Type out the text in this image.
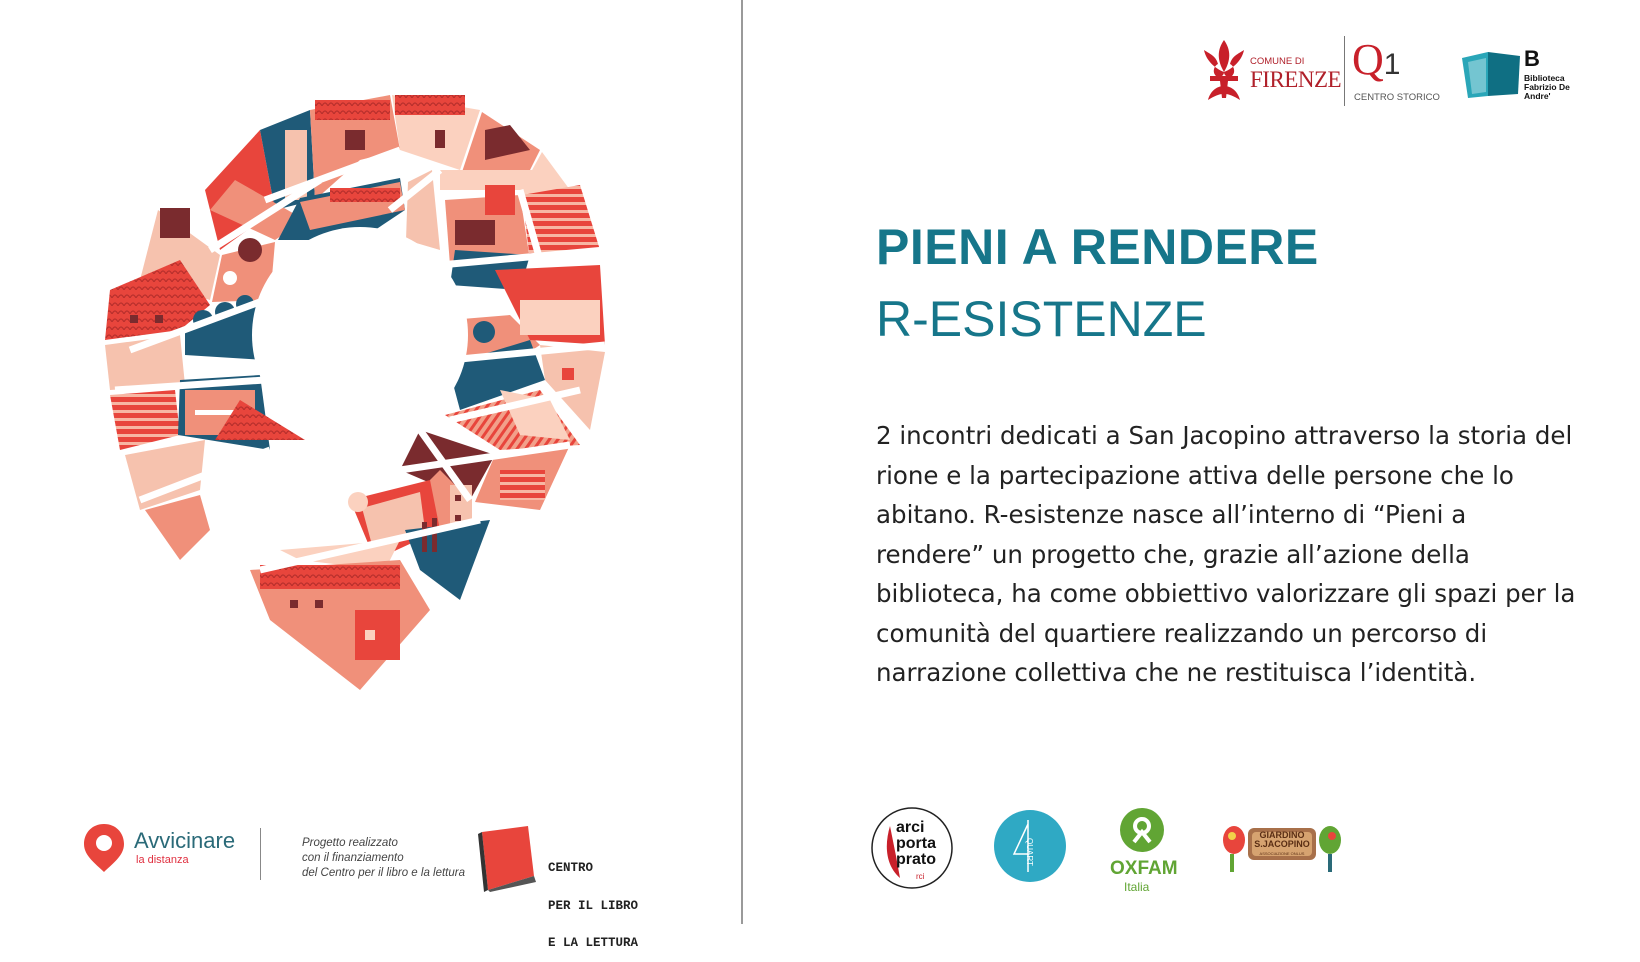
COMUNE DI
FIRENZE Q1
CENTRO STORICO
B
Biblioteca
Fabrizio De Andre'
PIENI A RENDERE
R-ESISTENZE
2 incontri dedicati a San Jacopino attraverso la storia del rione e la partecipazione attiva delle persone che lo abitano. R-esistenze nasce all’interno di “Pieni a rendere” un progetto che, grazie all’azione della biblioteca, ha come obbiettivo valorizzare gli spazi per la comunità del quartiere realizzando un percorso di narrazione collettiva che ne restituisca l’identità.
Avvicinare
la distanza
Progetto realizzato
con il finanziamento
del Centro per il libro e la lettura

	CENTRO

PER IL LIBRO

E LA LETTURA

arci
porta
prato
rci
QUART
OXFAM
Italia
GIARDINO
S.JACOPINO
ASSOCIAZIONE ONLUS
